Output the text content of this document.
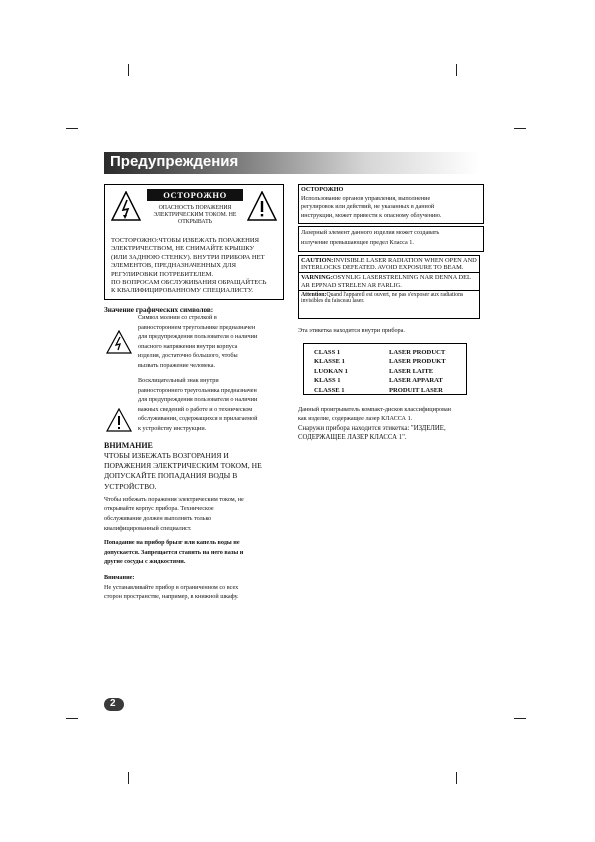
Предупреждения
ОСТОРОЖНО
ОПАСНОСТЬ ПОРАЖЕНИЯ ЭЛЕКТРИЧЕСКИМ ТОКОМ. НЕ ОТКРЫВАТЬ
ТОСТОРОЖНО:ЧТОБЫ ИЗБЕЖАТЬ ПОРАЖЕНИЯ
ЭЛЕКТРИЧЕСТВОМ, НЕ СНИМАЙТЕ КРЫШКУ
(ИЛИ ЗАДНЮЮ СТЕНКУ). ВНУТРИ ПРИБОРА НЕТ
ЭЛЕМЕНТОВ, ПРЕДНАЗНАЧЕННЫХ ДЛЯ
РЕГУЛИРОВКИ ПОТРЕБИТЕЛЕМ.
ПО ВОПРОСАМ ОБСЛУЖИВАНИЯ ОБРАЩАЙТЕСЬ
К КВАЛИФИЦИРОВАННОМУ СПЕЦИАЛИСТУ.
Значение графических символов:
Символ молнии со стрелкой в
равностороннем треугольнике предназначен
для предупреждения пользователя о наличии
опасного напряжения внутри корпуса
изделия, достаточно большого, чтобы
вызвать поражение человека.
Восклицательный знак внутри
равностороннего треугольника предназначен
для предупреждения пользователя о наличии
важных сведений о работе и о техническом
обслуживании, содержащихся в прилагаемой
к устройству инструкции.
ВНИМАНИЕ
ЧТОБЫ ИЗБЕЖАТЬ ВОЗГОРАНИЯ И
ПОРАЖЕНИЯ ЭЛЕКТРИЧЕСКИМ ТОКОМ, НЕ
ДОПУСКАЙТЕ ПОПАДАНИЯ ВОДЫ В
УСТРОЙСТВО.
Чтобы избежать поражения электрическим током, не
открывайте корпус прибора. Техническое
обслуживание должен выполнять только
квалифицированный специалист.
Попадание на прибор брызг или капель воды не
допускается. Запрещается ставить на него вазы и
другие сосуды с жидкостями.
Внимание:
Не устанавливайте прибор в ограниченном со всех
сторон пространстве, например, в книжной шкафу.
ОСТОРОЖНО
Использование органов управления, выполнение
регулировок или действий, не указанных в данной
инструкции, может привести к опасному облучению.
Лазерный элемент данного изделия может создавать
излучение превышающее предел Класса 1.
CAUTION:INVISIBLE LASER RADIATION WHEN OPEN AND INTERLOCKS DEFEATED. AVOID EXPOSURE TO BEAM.
VARNING:OSYNLIG LASERSTRELNING NAR DENNA DEL AR EPPNAD STRELEN AR FARLIG.
Attention:Quand l'appareil est ouvert, ne pas s'exposer aux radiations invisibles du faisceau laser.
Эта этикетка находится внутри прибора.
CLASS 1	LASER PRODUCT
KLASSE 1	LASER PRODUKT
LUOKAN 1	LASER LAITE
KLASS 1	LASER APPARAT
CLASSE 1	PRODUIT LASER
Данный проигрыватель компакт-дисков классифицирован
как изделие, содержащее лазер КЛАССА 1.
Снаружи прибора находится этикетка: "ИЗДЕЛИЕ,
СОДЕРЖАЩЕЕ ЛАЗЕР КЛАССА 1".
2
